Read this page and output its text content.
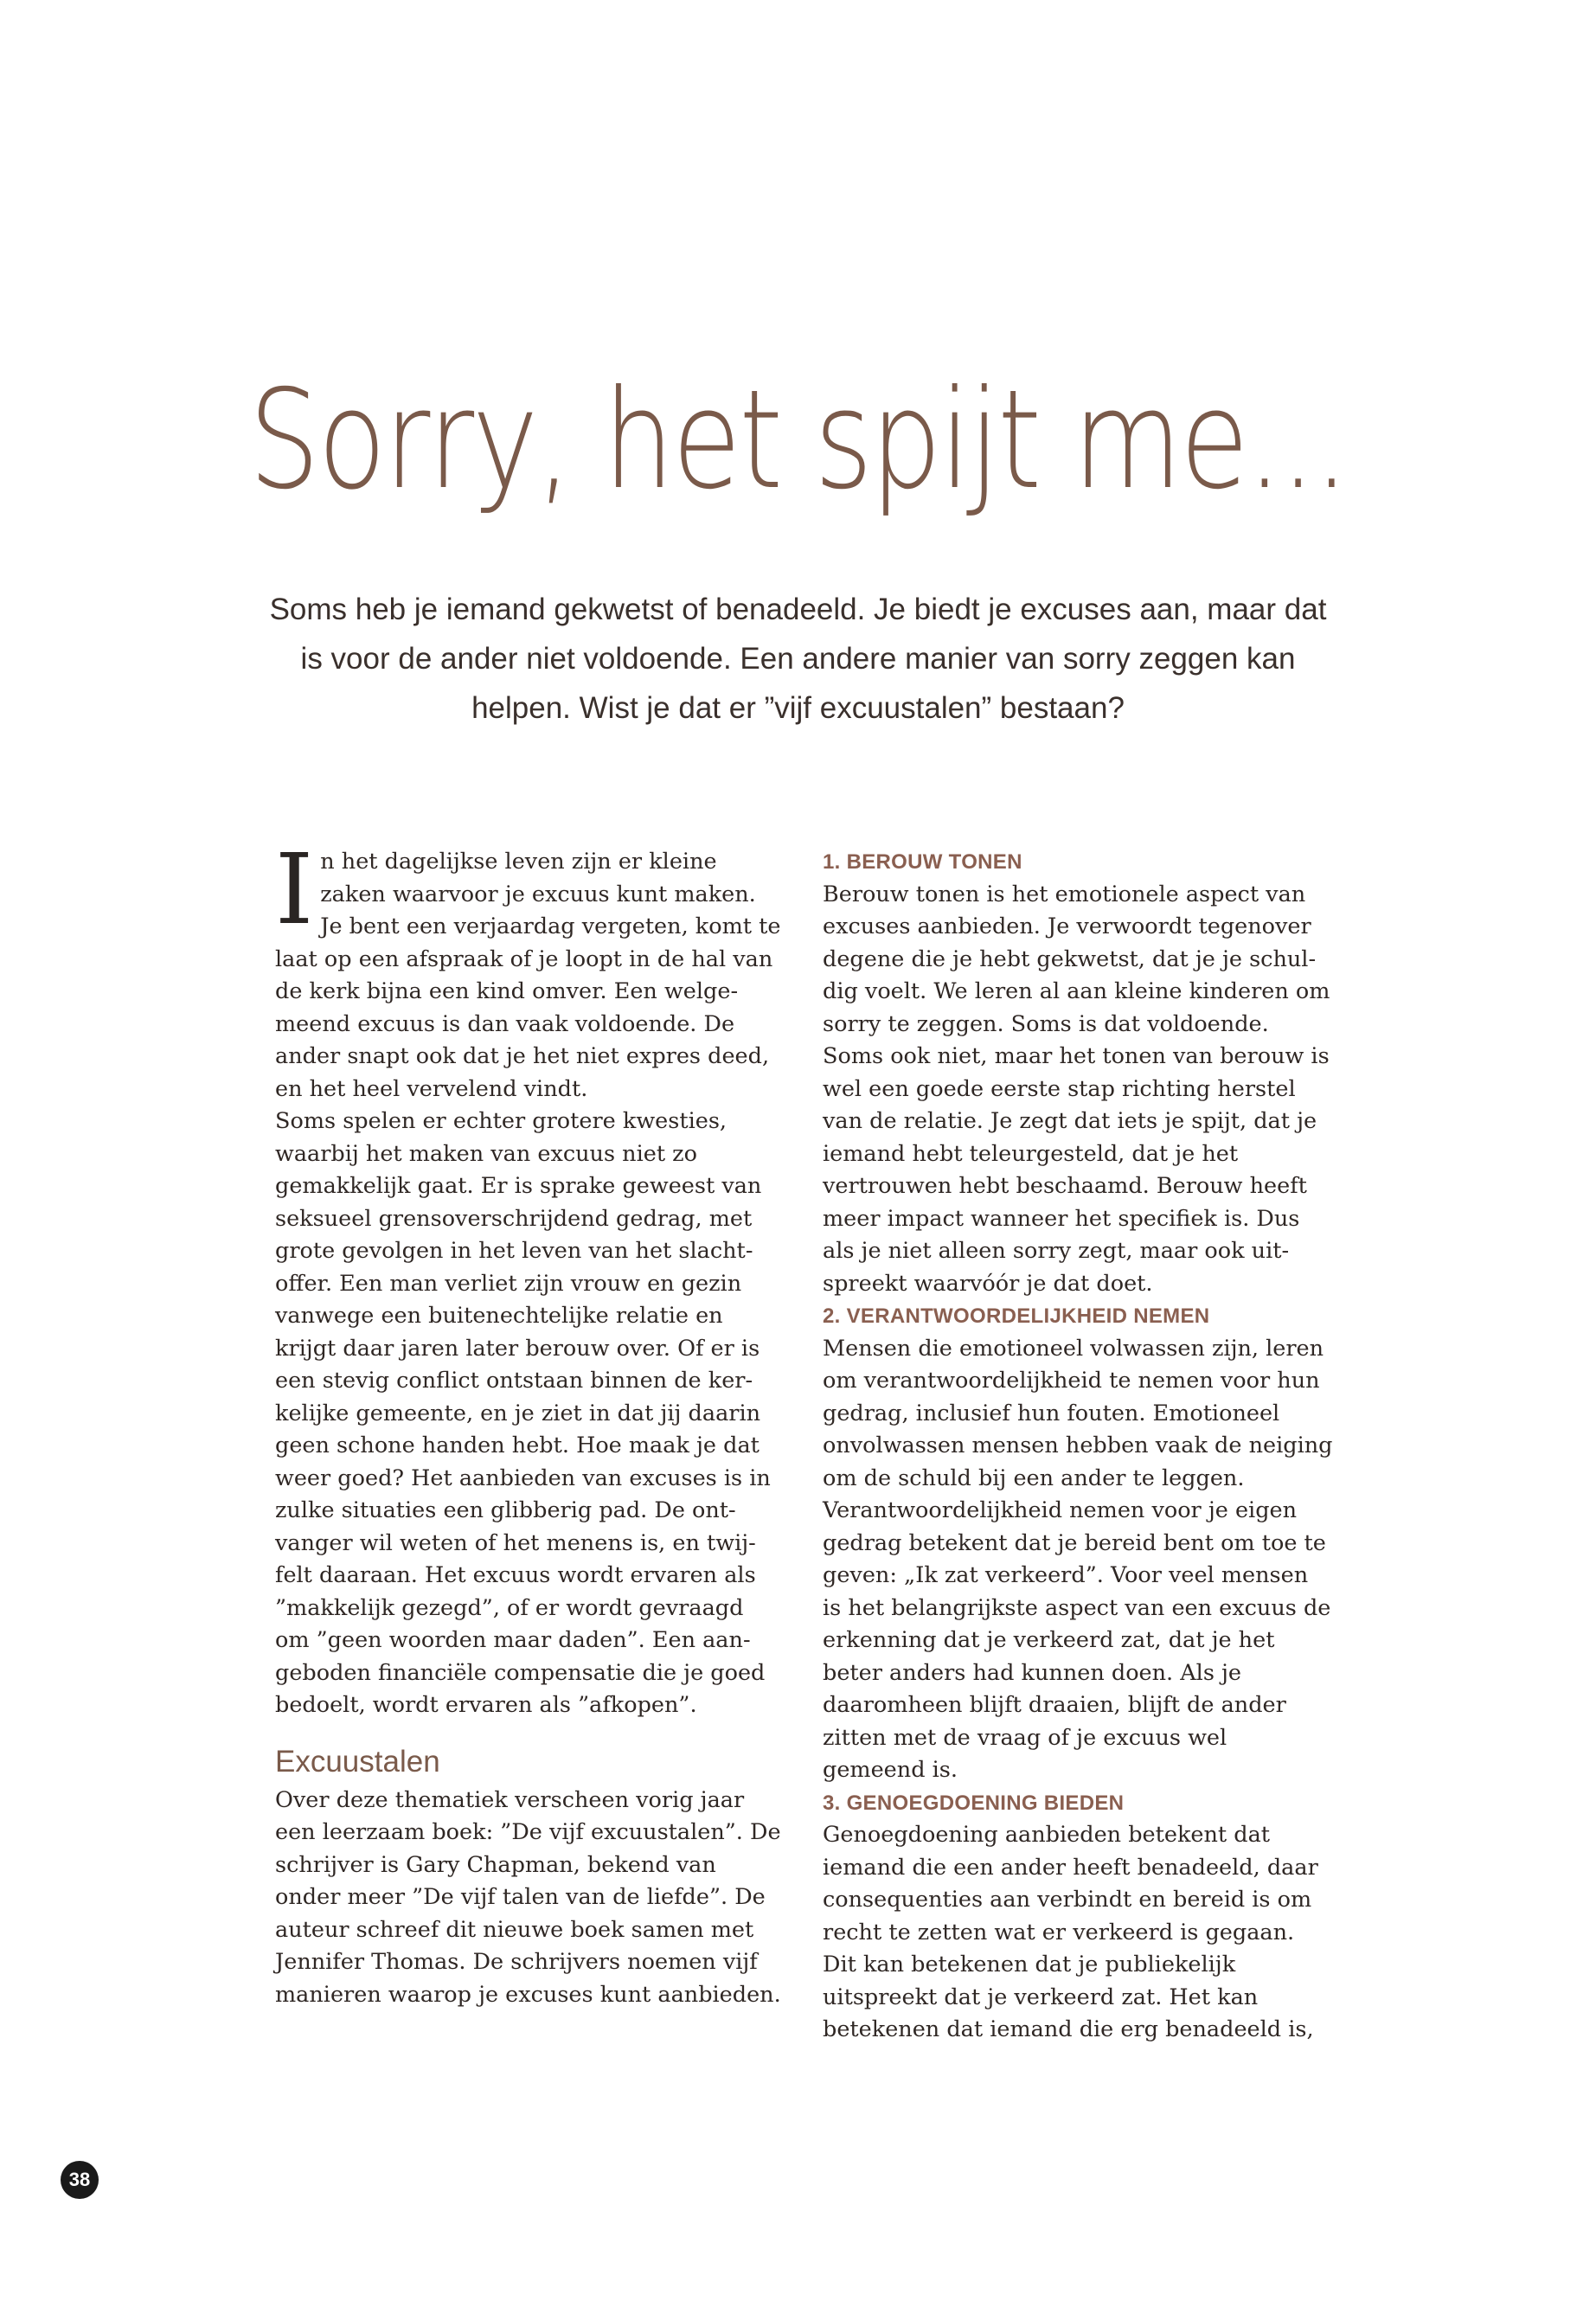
Sorry, het spijt me...

Soms heb je iemand gekwetst of benadeeld. Je biedt je excuses aan, maar dat is voor de ander niet voldoende. Een andere manier van sorry zeggen kan helpen. Wist je dat er ”vijf excuustalen” bestaan?

In het dagelijkse leven zijn er kleine zaken waarvoor je excuus kunt maken. Je bent een verjaardag vergeten, komt te laat op een afspraak of je loopt in de hal van de kerk bijna een kind omver. Een welgemeend excuus is dan vaak voldoende. De ander snapt ook dat je het niet expres deed, en het heel vervelend vindt.

Soms spelen er echter grotere kwesties, waarbij het maken van excuus niet zo gemakkelijk gaat. Er is sprake geweest van seksueel grensoverschrijdend gedrag, met grote gevolgen in het leven van het slachtoffer. Een man verliet zijn vrouw en gezin vanwege een buitenechtelijke relatie en krijgt daar jaren later berouw over. Of er is een stevig conflict ontstaan binnen de kerkelijke gemeente, en je ziet in dat jij daarin geen schone handen hebt. Hoe maak je dat weer goed? Het aanbieden van excuses is in zulke situaties een glibberig pad. De ontvanger wil weten of het menens is, en twijfelt daaraan. Het excuus wordt ervaren als ”makkelijk gezegd”, of er wordt gevraagd om ”geen woorden maar daden”. Een aangeboden financiële compensatie die je goed bedoelt, wordt ervaren als ”afkopen”.

Excuustalen

Over deze thematiek verscheen vorig jaar een leerzaam boek: ”De vijf excuustalen”. De schrijver is Gary Chapman, bekend van onder meer ”De vijf talen van de liefde”. De auteur schreef dit nieuwe boek samen met Jennifer Thomas. De schrijvers noemen vijf manieren waarop je excuses kunt aanbieden.

1. BEROUW TONEN

Berouw tonen is het emotionele aspect van excuses aanbieden. Je verwoordt tegenover degene die je hebt gekwetst, dat je je schuldig voelt. We leren al aan kleine kinderen om sorry te zeggen. Soms is dat voldoende. Soms ook niet, maar het tonen van berouw is wel een goede eerste stap richting herstel van de relatie. Je zegt dat iets je spijt, dat je iemand hebt teleurgesteld, dat je het vertrouwen hebt beschaamd. Berouw heeft meer impact wanneer het specifiek is. Dus als je niet alleen sorry zegt, maar ook uitspreekt waarvóór je dat doet.

2. VERANTWOORDELIJKHEID NEMEN

Mensen die emotioneel volwassen zijn, leren om verantwoordelijkheid te nemen voor hun gedrag, inclusief hun fouten. Emotioneel onvolwassen mensen hebben vaak de neiging om de schuld bij een ander te leggen. Verantwoordelijkheid nemen voor je eigen gedrag betekent dat je bereid bent om toe te geven: „Ik zat verkeerd”. Voor veel mensen is het belangrijkste aspect van een excuus de erkenning dat je verkeerd zat, dat je het beter anders had kunnen doen. Als je daaromheen blijft draaien, blijft de ander zitten met de vraag of je excuus wel gemeend is.

3. GENOEGDOENING BIEDEN

Genoegdoening aanbieden betekent dat iemand die een ander heeft benadeeld, daar consequenties aan verbindt en bereid is om recht te zetten wat er verkeerd is gegaan. Dit kan betekenen dat je publiekelijk uitspreekt dat je verkeerd zat. Het kan betekenen dat iemand die erg benadeeld is,

38
